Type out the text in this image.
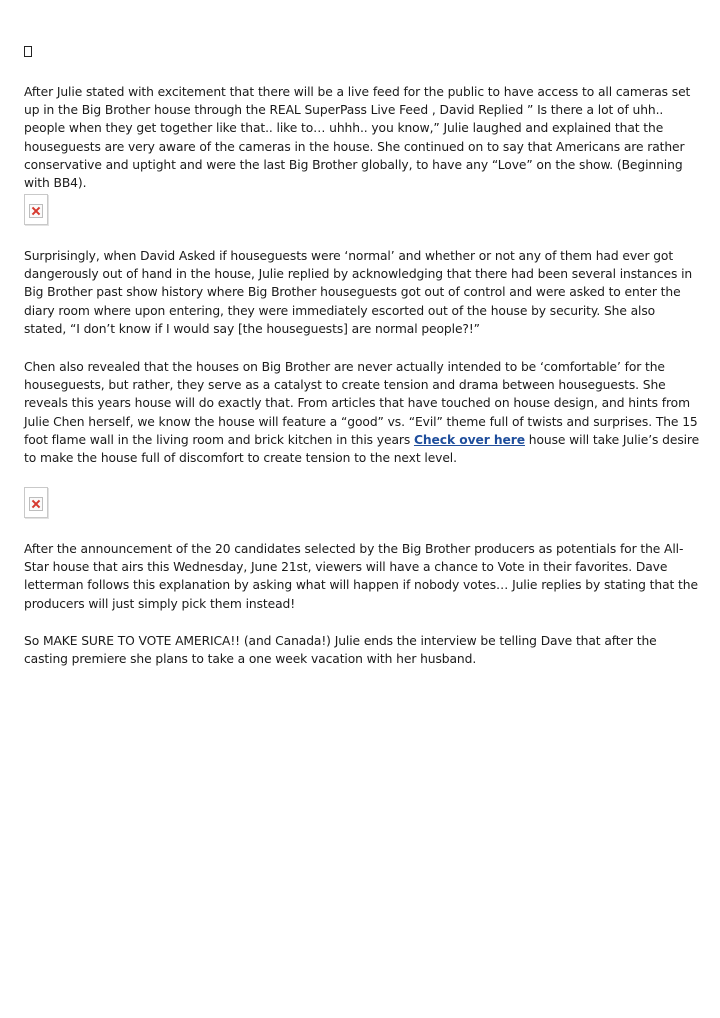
After Julie stated with excitement that there will be a live feed for the public to have access to all cameras set up in the Big Brother house through the REAL SuperPass Live Feed , David Replied ” Is there a lot of uhh.. people when they get together like that.. like to… uhhh.. you know,” Julie laughed and explained that the houseguests are very aware of the cameras in the house. She continued on to say that Americans are rather conservative and uptight and were the last Big Brother globally, to have any “Love” on the show. (Beginning with BB4).

Surprisingly, when David Asked if houseguests were ‘normal’ and whether or not any of them had ever got dangerously out of hand in the house, Julie replied by acknowledging that there had been several instances in Big Brother past show history where Big Brother houseguests got out of control and were asked to enter the diary room where upon entering, they were immediately escorted out of the house by security. She also stated, “I don’t know if I would say [the houseguests] are normal people?!”

Chen also revealed that the houses on Big Brother are never actually intended to be ‘comfortable’ for the houseguests, but rather, they serve as a catalyst to create tension and drama between houseguests. She reveals this years house will do exactly that. From articles that have touched on house design, and hints from Julie Chen herself, we know the house will feature a “good” vs. “Evil” theme full of twists and surprises. The 15 foot flame wall in the living room and brick kitchen in this years Check over here house will take Julie’s desire to make the house full of discomfort to create tension to the next level.

After the announcement of the 20 candidates selected by the Big Brother producers as potentials for the All-Star house that airs this Wednesday, June 21st, viewers will have a chance to Vote in their favorites. Dave letterman follows this explanation by asking what will happen if nobody votes… Julie replies by stating that the producers will just simply pick them instead!

So MAKE SURE TO VOTE AMERICA!! (and Canada!) Julie ends the interview be telling Dave that after the casting premiere she plans to take a one week vacation with her husband.
